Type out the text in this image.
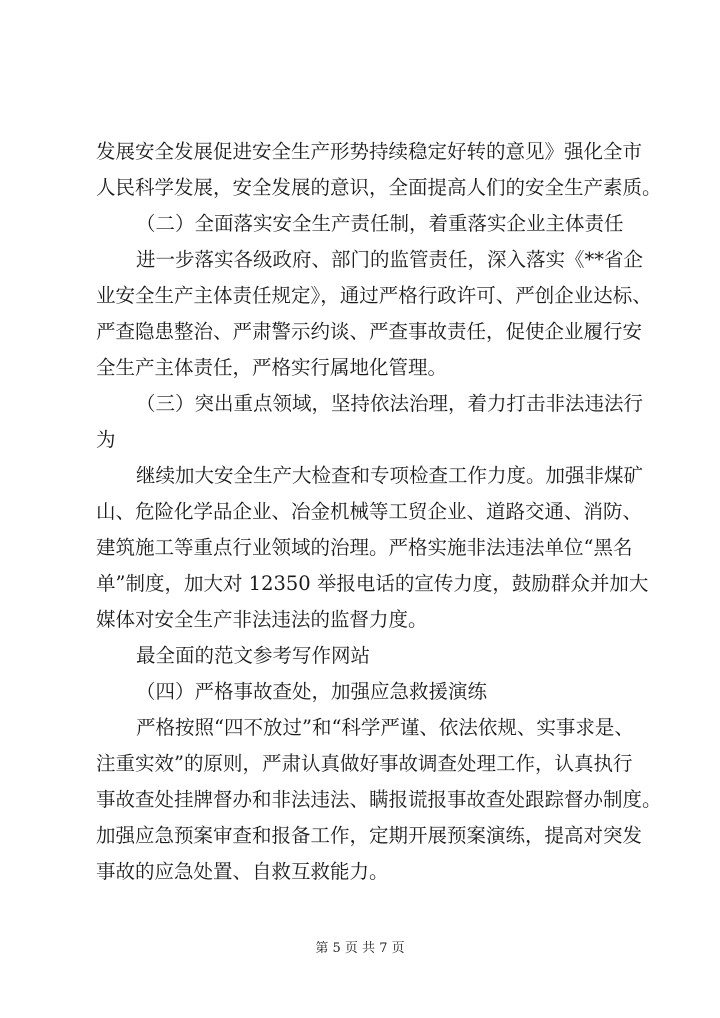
发展安全发展促进安全生产形势持续稳定好转的意见》强化全市
人民科学发展，安全发展的意识，全面提高人们的安全生产素质。
（二）全面落实安全生产责任制，着重落实企业主体责任
进一步落实各级政府、部门的监管责任，深入落实《**省企
业安全生产主体责任规定》，通过严格行政许可、严创企业达标、
严查隐患整治、严肃警示约谈、严查事故责任，促使企业履行安
全生产主体责任，严格实行属地化管理。
（三）突出重点领域，坚持依法治理，着力打击非法违法行
为
继续加大安全生产大检查和专项检查工作力度。加强非煤矿
山、危险化学品企业、冶金机械等工贸企业、道路交通、消防、
建筑施工等重点行业领域的治理。严格实施非法违法单位“黑名
单”制度，加大对 12350 举报电话的宣传力度，鼓励群众并加大
媒体对安全生产非法违法的监督力度。
最全面的范文参考写作网站
（四）严格事故查处，加强应急救援演练
严格按照“四不放过”和“科学严谨、依法依规、实事求是、
注重实效”的原则，严肃认真做好事故调查处理工作，认真执行
事故查处挂牌督办和非法违法、瞒报谎报事故查处跟踪督办制度。
加强应急预案审查和报备工作，定期开展预案演练，提高对突发
事故的应急处置、自救互救能力。
第 5 页 共 7 页
